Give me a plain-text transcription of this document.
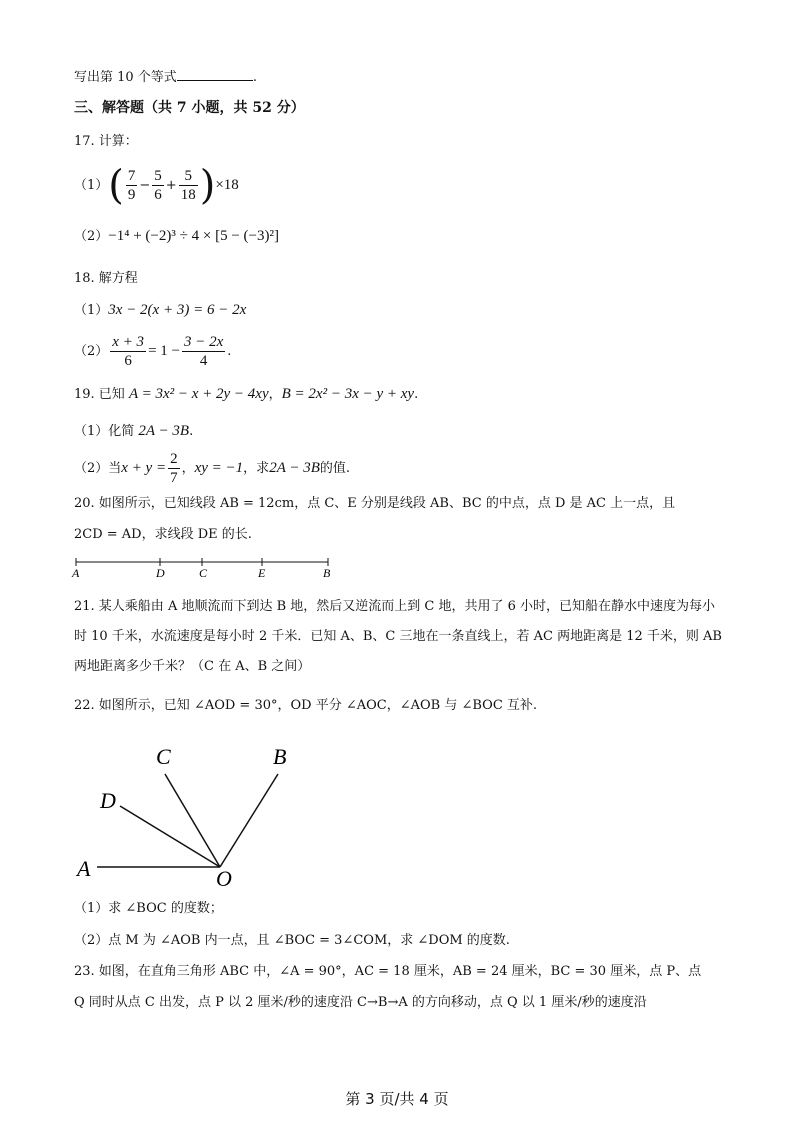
写出第 10 个等式	.
三、解答题（共 7 小题，共 52 分）
17. 计算：
$(1)( \frac{7}{9} - \frac{5}{6} + \frac{5}{18} )\times 18$
（2）−1⁴ + (−2)³ ÷ 4 × [5 − (−3)²]
18. 解方程
（1）3x − 2(x + 3) = 6 − 2x
$(2) \frac{x + 3}{6} = 1 - \frac{3 - 2x}{4}$ .
19. 已知 A = 3x² − x + 2y − 4xy，B = 2x² − 3x − y + xy.
（1）化简 2A − 3B.
（2）当$x + y = \frac{2}{7}$ ，xy = −1，求2A − 3B的值.
20. 如图所示，已知线段 AB = 12cm，点 C、E 分别是线段 AB、BC 的中点，点 D 是 AC 上一点，且
2CD = AD，求线段 DE 的长.
A	D	C	E	B
21. 某人乘船由 A 地顺流而下到达 B 地，然后又逆流而上到 C 地，共用了 6 小时，已知船在静水中速度为每小时 10 千米，水流速度是每小时 2 千米．已知 A、B、C 三地在一条直线上，若 AC 两地距离是 12 千米，则 AB 两地距离多少千米？（C 在 A、B 之间）
22. 如图所示，已知 ∠AOD = 30°，OD 平分 ∠AOC，∠AOB 与 ∠BOC 互补.
A
D
C	B
O
（1）求 ∠BOC 的度数；
（2）点 M 为 ∠AOB 内一点，且 ∠BOC = 3∠COM，求 ∠DOM 的度数.
23. 如图，在直角三角形 ABC 中，∠A = 90°，AC = 18 厘米，AB = 24 厘米，BC = 30 厘米，点 P、点
Q 同时从点 C 出发，点 P 以 2 厘米/秒的速度沿 C→B→A 的方向移动，点 Q 以 1 厘米/秒的速度沿
第 3 页/共 4 页
